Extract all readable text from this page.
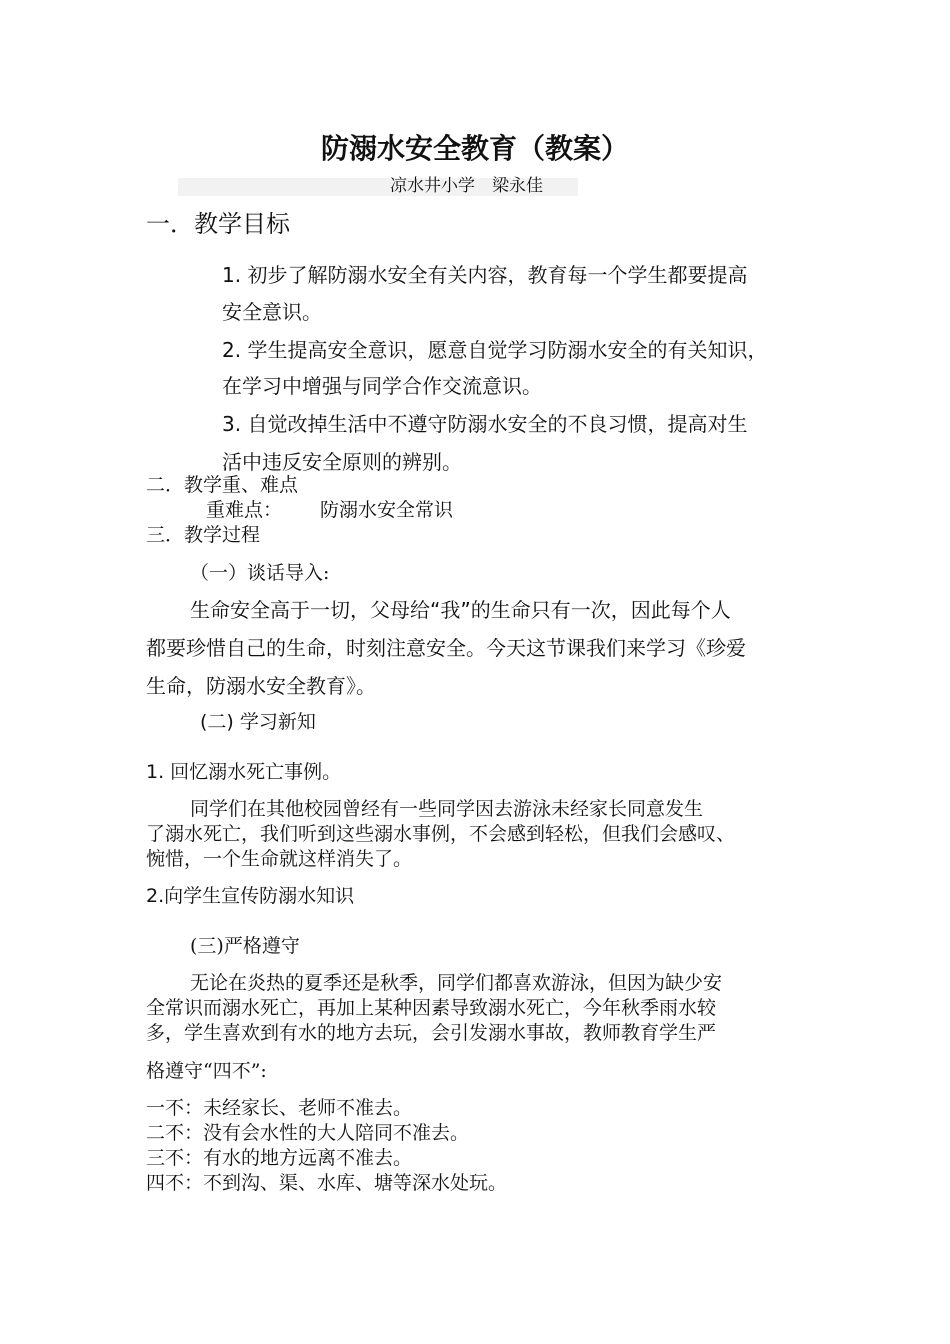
防溺水安全教育（教案）
凉水井小学　梁永佳
一．教学目标
1. 初步了解防溺水安全有关内容，教育每一个学生都要提高
安全意识。
2. 学生提高安全意识，愿意自觉学习防溺水安全的有关知识，
在学习中增强与同学合作交流意识。
3. 自觉改掉生活中不遵守防溺水安全的不良习惯，提高对生
活中违反安全原则的辨别。
二．教学重、难点
重难点： 防溺水安全常识
三．教学过程
（一）谈话导入:
生命安全高于一切，父母给“我”的生命只有一次，因此每个人
都要珍惜自己的生命，时刻注意安全。今天这节课我们来学习《珍爱
生命，防溺水安全教育》。
(二) 学习新知
1. 回忆溺水死亡事例。
同学们在其他校园曾经有一些同学因去游泳未经家长同意发生
了溺水死亡，我们听到这些溺水事例，不会感到轻松，但我们会感叹、
惋惜，一个生命就这样消失了。
2.向学生宣传防溺水知识
(三)严格遵守
无论在炎热的夏季还是秋季，同学们都喜欢游泳，但因为缺少安
全常识而溺水死亡，再加上某种因素导致溺水死亡，今年秋季雨水较
多，学生喜欢到有水的地方去玩，会引发溺水事故，教师教育学生严
格遵守“四不”:
一不：未经家长、老师不准去。
二不：没有会水性的大人陪同不准去。
三不：有水的地方远离不准去。
四不：不到沟、渠、水库、塘等深水处玩。
